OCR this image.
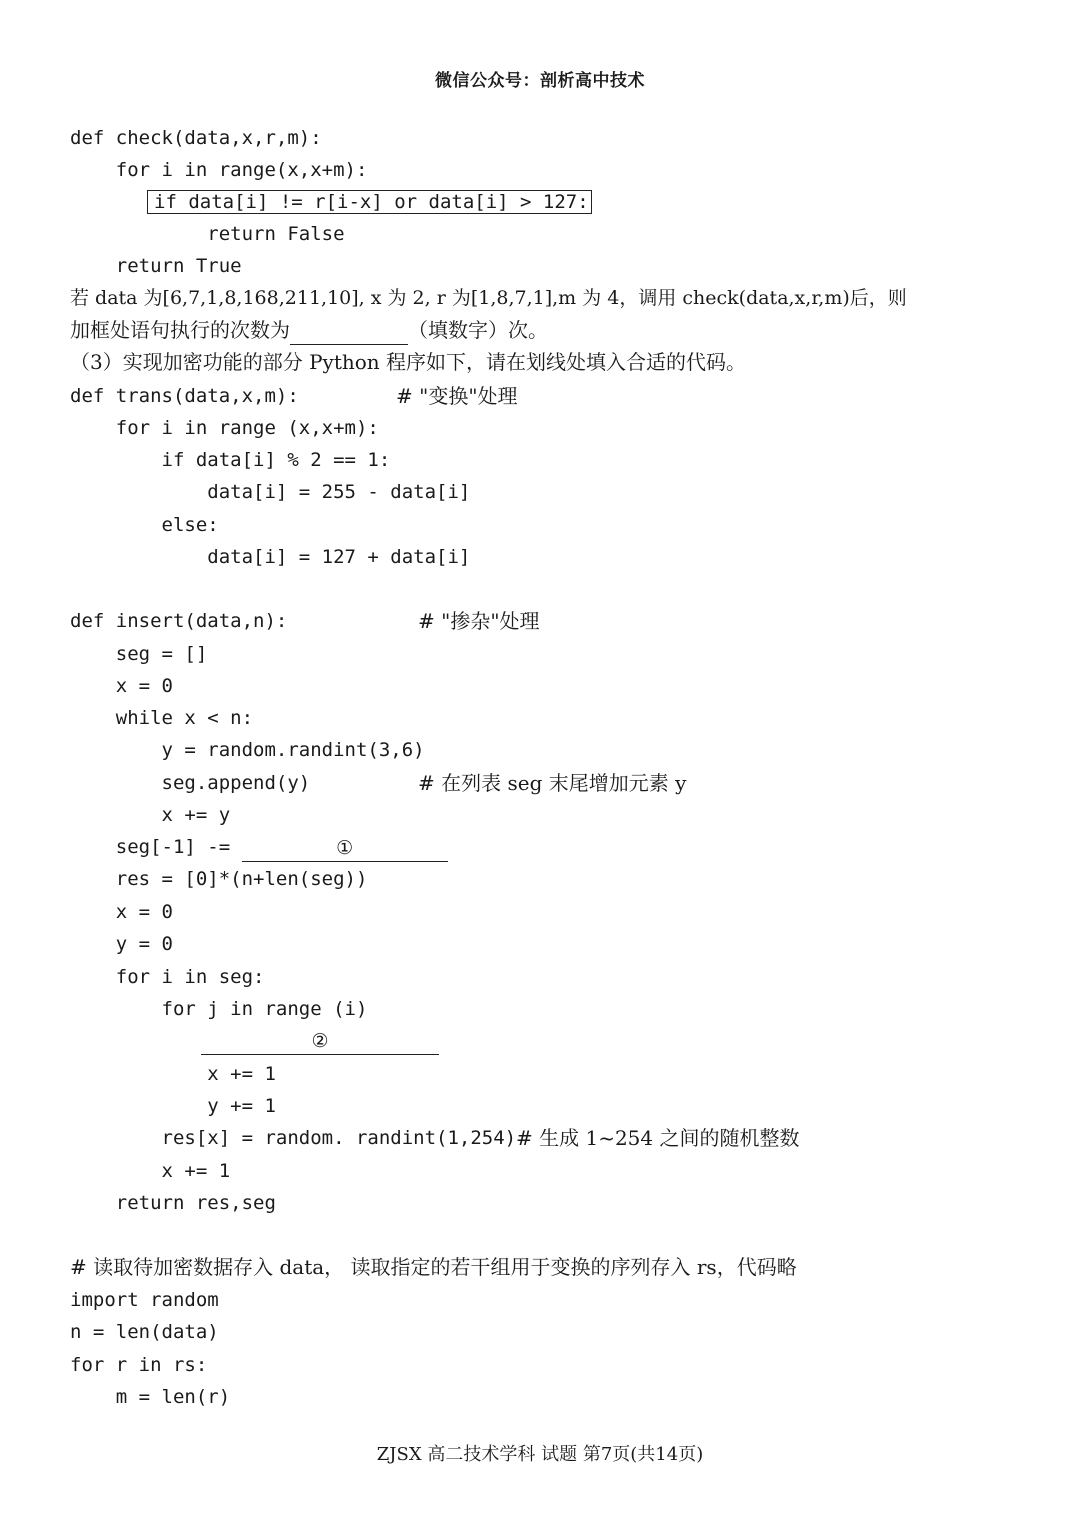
微信公众号：剖析高中技术
def check(data,x,r,m):
for i in range(x,x+m):
if data[i] != r[i-x] or data[i] > 127:
return False
return True
若 data 为[6,7,1,8,168,211,10], x 为 2, r 为[1,8,7,1],m 为 4，调用 check(data,x,r,m)后，则
加框处语句执行的次数为	（填数字）次。
（3）实现加密功能的部分 Python 程序如下，请在划线处填入合适的代码。
def trans(data,x,m):	# "变换"处理
for i in range (x,x+m):
if data[i] % 2 == 1:
data[i] = 255 - data[i]
else:
data[i] = 127 + data[i]
def insert(data,n):	# "掺杂"处理
seg = []
x = 0
while x < n:
y = random.randint(3,6)
seg.append(y)	# 在列表 seg 末尾增加元素 y
x += y
seg[-1] -=	①
res = [0]*(n+len(seg))
x = 0
y = 0
for i in seg:
for j in range (i)
②
x += 1
y += 1
res[x] = random. randint(1,254) # 生成 1~254 之间的随机整数
x += 1
return res,seg
# 读取待加密数据存入 data， 读取指定的若干组用于变换的序列存入 rs，代码略
import random
n = len(data)
for r in rs:
m = len(r)
ZJSX 高二技术学科 试题 第7页(共14页)
